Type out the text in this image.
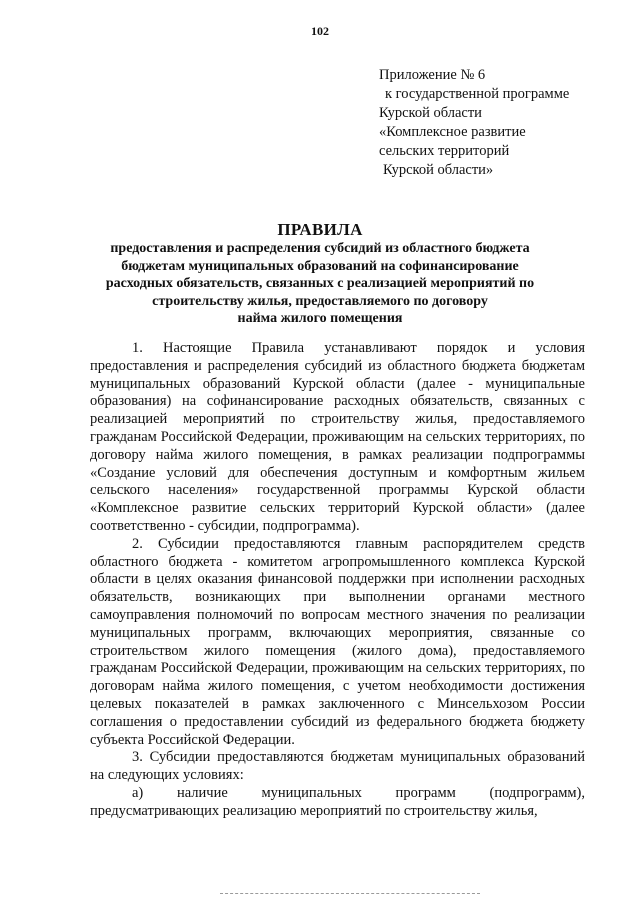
102
Приложение № 6
к государственной программе
Курской области
«Комплексное развитие
сельских территорий
Курской области»
ПРАВИЛА
предоставления и распределения субсидий из областного бюджета
бюджетам муниципальных образований на софинансирование
расходных обязательств, связанных с реализацией мероприятий по
строительству жилья, предоставляемого по договору
найма жилого помещения

1. Настоящие Правила устанавливают порядок и условия предоставления и распределения субсидий из областного бюджета бюджетам муниципальных образований Курской области (далее - муниципальные образования) на софинансирование расходных обязательств, связанных с реализацией мероприятий по строительству жилья, предоставляемого гражданам Российской Федерации, проживающим на сельских территориях, по договору найма жилого помещения, в рамках реализации подпрограммы «Создание условий для обеспечения доступным и комфортным жильем сельского населения» государственной программы Курской области «Комплексное развитие сельских территорий Курской области» (далее соответственно - субсидии, подпрограмма).

2. Субсидии предоставляются главным распорядителем средств областного бюджета - комитетом агропромышленного комплекса Курской области в целях оказания финансовой поддержки при исполнении расходных обязательств, возникающих при выполнении органами местного самоуправления полномочий по вопросам местного значения по реализации муниципальных программ, включающих мероприятия, связанные со строительством жилого помещения (жилого дома), предоставляемого гражданам Российской Федерации, проживающим на сельских территориях, по договорам найма жилого помещения, с учетом необходимости достижения целевых показателей в рамках заключенного с Минсельхозом России соглашения о предоставлении субсидий из федерального бюджета бюджету субъекта Российской Федерации.

3. Субсидии предоставляются бюджетам муниципальных образований на следующих условиях:

а) наличие муниципальных программ (подпрограмм), предусматривающих реализацию мероприятий по строительству жилья,
